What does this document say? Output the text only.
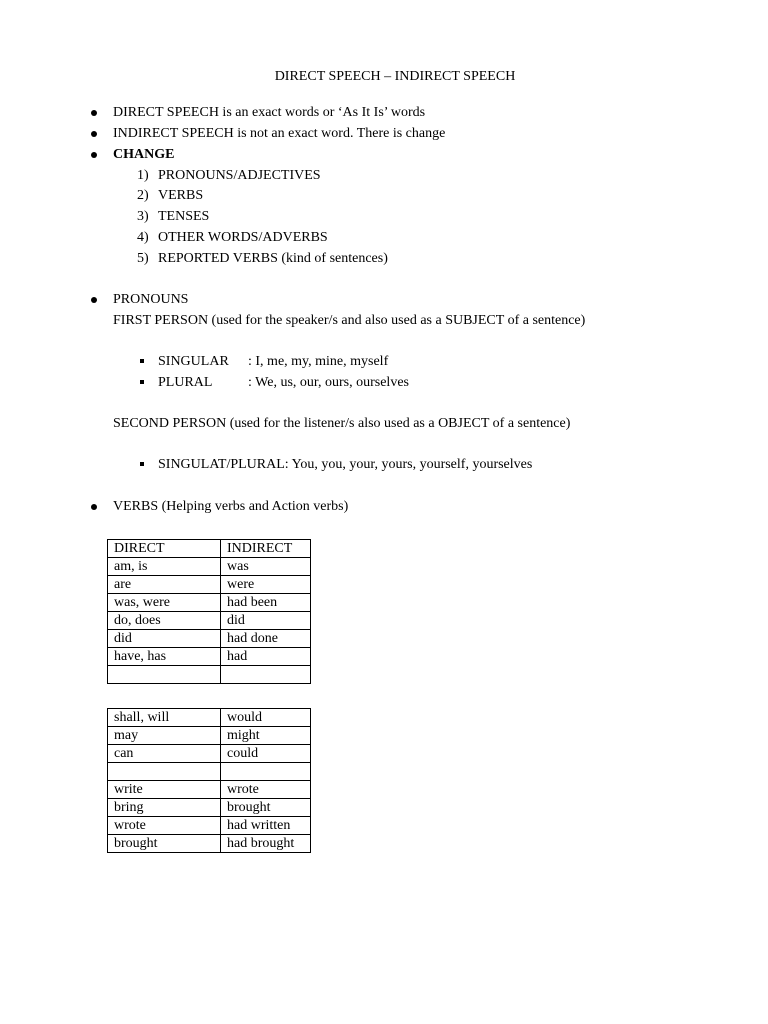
DIRECT SPEECH – INDIRECT SPEECH
DIRECT SPEECH is an exact words or ‘As It Is’ words
INDIRECT SPEECH is not an exact word. There is change
CHANGE
1) PRONOUNS/ADJECTIVES
2) VERBS
3) TENSES
4) OTHER WORDS/ADVERBS
5) REPORTED VERBS (kind of sentences)
PRONOUNS
FIRST PERSON (used for the speaker/s and also used as a SUBJECT of a sentence)
SINGULAR : I, me, my, mine, myself
PLURAL	: We, us, our, ours, ourselves
SECOND PERSON (used for the listener/s also used as a OBJECT of a sentence)
SINGULAT/PLURAL: You, you, your, yours, yourself, yourselves
VERBS (Helping verbs and Action verbs)
DIRECT	INDIRECT
am, is	was
are	were
was, were	had been
do, does	did
did	had done
have, has	had

shall, will	would
may	might
can	could

write	wrote
bring	brought
wrote	had written
brought	had brought
